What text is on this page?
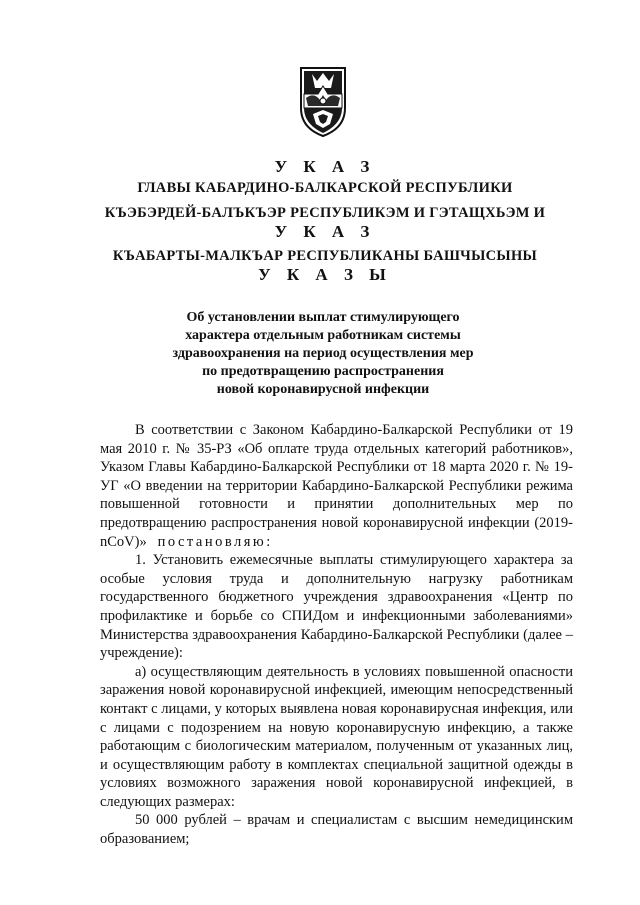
У К А З
ГЛАВЫ КАБАРДИНО-БАЛКАРСКОЙ РЕСПУБЛИКИ
КЪЭБЭРДЕЙ-БАЛЪКЪЭР РЕСПУБЛИКЭМ И ГЭТАЩХЬЭМ И
У К А З
КЪАБАРТЫ-МАЛКЪАР РЕСПУБЛИКАНЫ БАШЧЫСЫНЫ
У К А З Ы
Об установлении выплат стимулирующего
характера отдельным работникам системы
здравоохранения на период осуществления мер
по предотвращению распространения
новой коронавирусной инфекции

В соответствии с Законом Кабардино-Балкарской Республики от 19 мая 2010 г. № 35-РЗ «Об оплате труда отдельных категорий работников», Указом Главы Кабардино-Балкарской Республики от 18 марта 2020 г. № 19-УГ «О введении на территории Кабардино-Балкарской Республики режима повышенной готовности и принятии дополнительных мер по предотвращению распространения новой коронавирусной инфекции (2019-nCoV)» постановляю:

1. Установить ежемесячные выплаты стимулирующего характера за особые условия труда и дополнительную нагрузку работникам государственного бюджетного учреждения здравоохранения «Центр по профилактике и борьбе со СПИДом и инфекционными заболеваниями» Министерства здравоохранения Кабардино-Балкарской Республики (далее – учреждение):

а) осуществляющим деятельность в условиях повышенной опасности заражения новой коронавирусной инфекцией, имеющим непосредственный контакт с лицами, у которых выявлена новая коронавирусная инфекция, или с лицами с подозрением на новую коронавирусную инфекцию, а также работающим с биологическим материалом, полученным от указанных лиц, и осуществляющим работу в комплектах специальной защитной одежды в условиях возможного заражения новой коронавирусной инфекцией, в следующих размерах:

50 000 рублей – врачам и специалистам с высшим немедицинским образованием;
